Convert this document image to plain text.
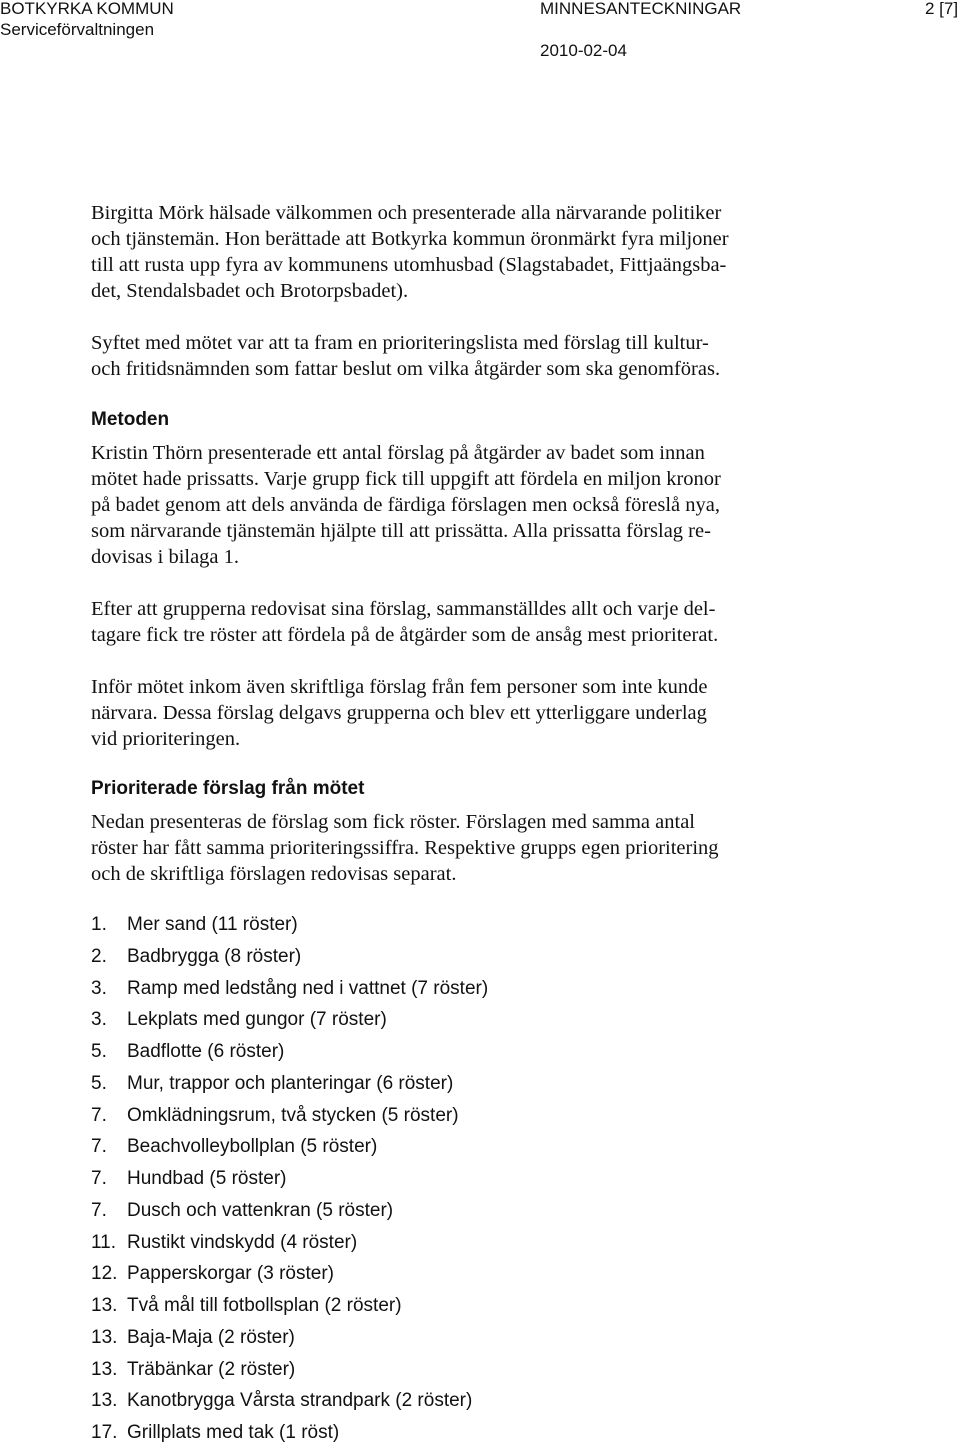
BOTKYRKA KOMMUN
Serviceförvaltningen
MINNESANTECKNINGAR	2 [7]
2010-02-04
Birgitta Mörk hälsade välkommen och presenterade alla närvarande politiker
och tjänstemän. Hon berättade att Botkyrka kommun öronmärkt fyra miljoner
till att rusta upp fyra av kommunens utomhusbad (Slagstabadet, Fittjaängsba-
det, Stendalsbadet och Brotorpsbadet).
Syftet med mötet var att ta fram en prioriteringslista med förslag till kultur-
och fritidsnämnden som fattar beslut om vilka åtgärder som ska genomföras.
Metoden
Kristin Thörn presenterade ett antal förslag på åtgärder av badet som innan
mötet hade prissatts. Varje grupp fick till uppgift att fördela en miljon kronor
på badet genom att dels använda de färdiga förslagen men också föreslå nya,
som närvarande tjänstemän hjälpte till att prissätta. Alla prissatta förslag re-
dovisas i bilaga 1.
Efter att grupperna redovisat sina förslag, sammanställdes allt och varje del-
tagare fick tre röster att fördela på de åtgärder som de ansåg mest prioriterat.
Inför mötet inkom även skriftliga förslag från fem personer som inte kunde
närvara. Dessa förslag delgavs grupperna och blev ett ytterliggare underlag
vid prioriteringen.
Prioriterade förslag från mötet
Nedan presenteras de förslag som fick röster. Förslagen med samma antal
röster har fått samma prioriteringssiffra. Respektive grupps egen prioritering
och de skriftliga förslagen redovisas separat.
1. Mer sand (11 röster)
2. Badbrygga (8 röster)
3. Ramp med ledstång ned i vattnet (7 röster)
3. Lekplats med gungor (7 röster)
5. Badflotte (6 röster)
5. Mur, trappor och planteringar (6 röster)
7. Omklädningsrum, två stycken (5 röster)
7. Beachvolleybollplan (5 röster)
7. Hundbad (5 röster)
7. Dusch och vattenkran (5 röster)
11. Rustikt vindskydd (4 röster)
12. Papperskorgar (3 röster)
13. Två mål till fotbollsplan (2 röster)
13. Baja-Maja (2 röster)
13. Träbänkar (2 röster)
13. Kanotbrygga Vårsta strandpark (2 röster)
17. Grillplats med tak (1 röst)
